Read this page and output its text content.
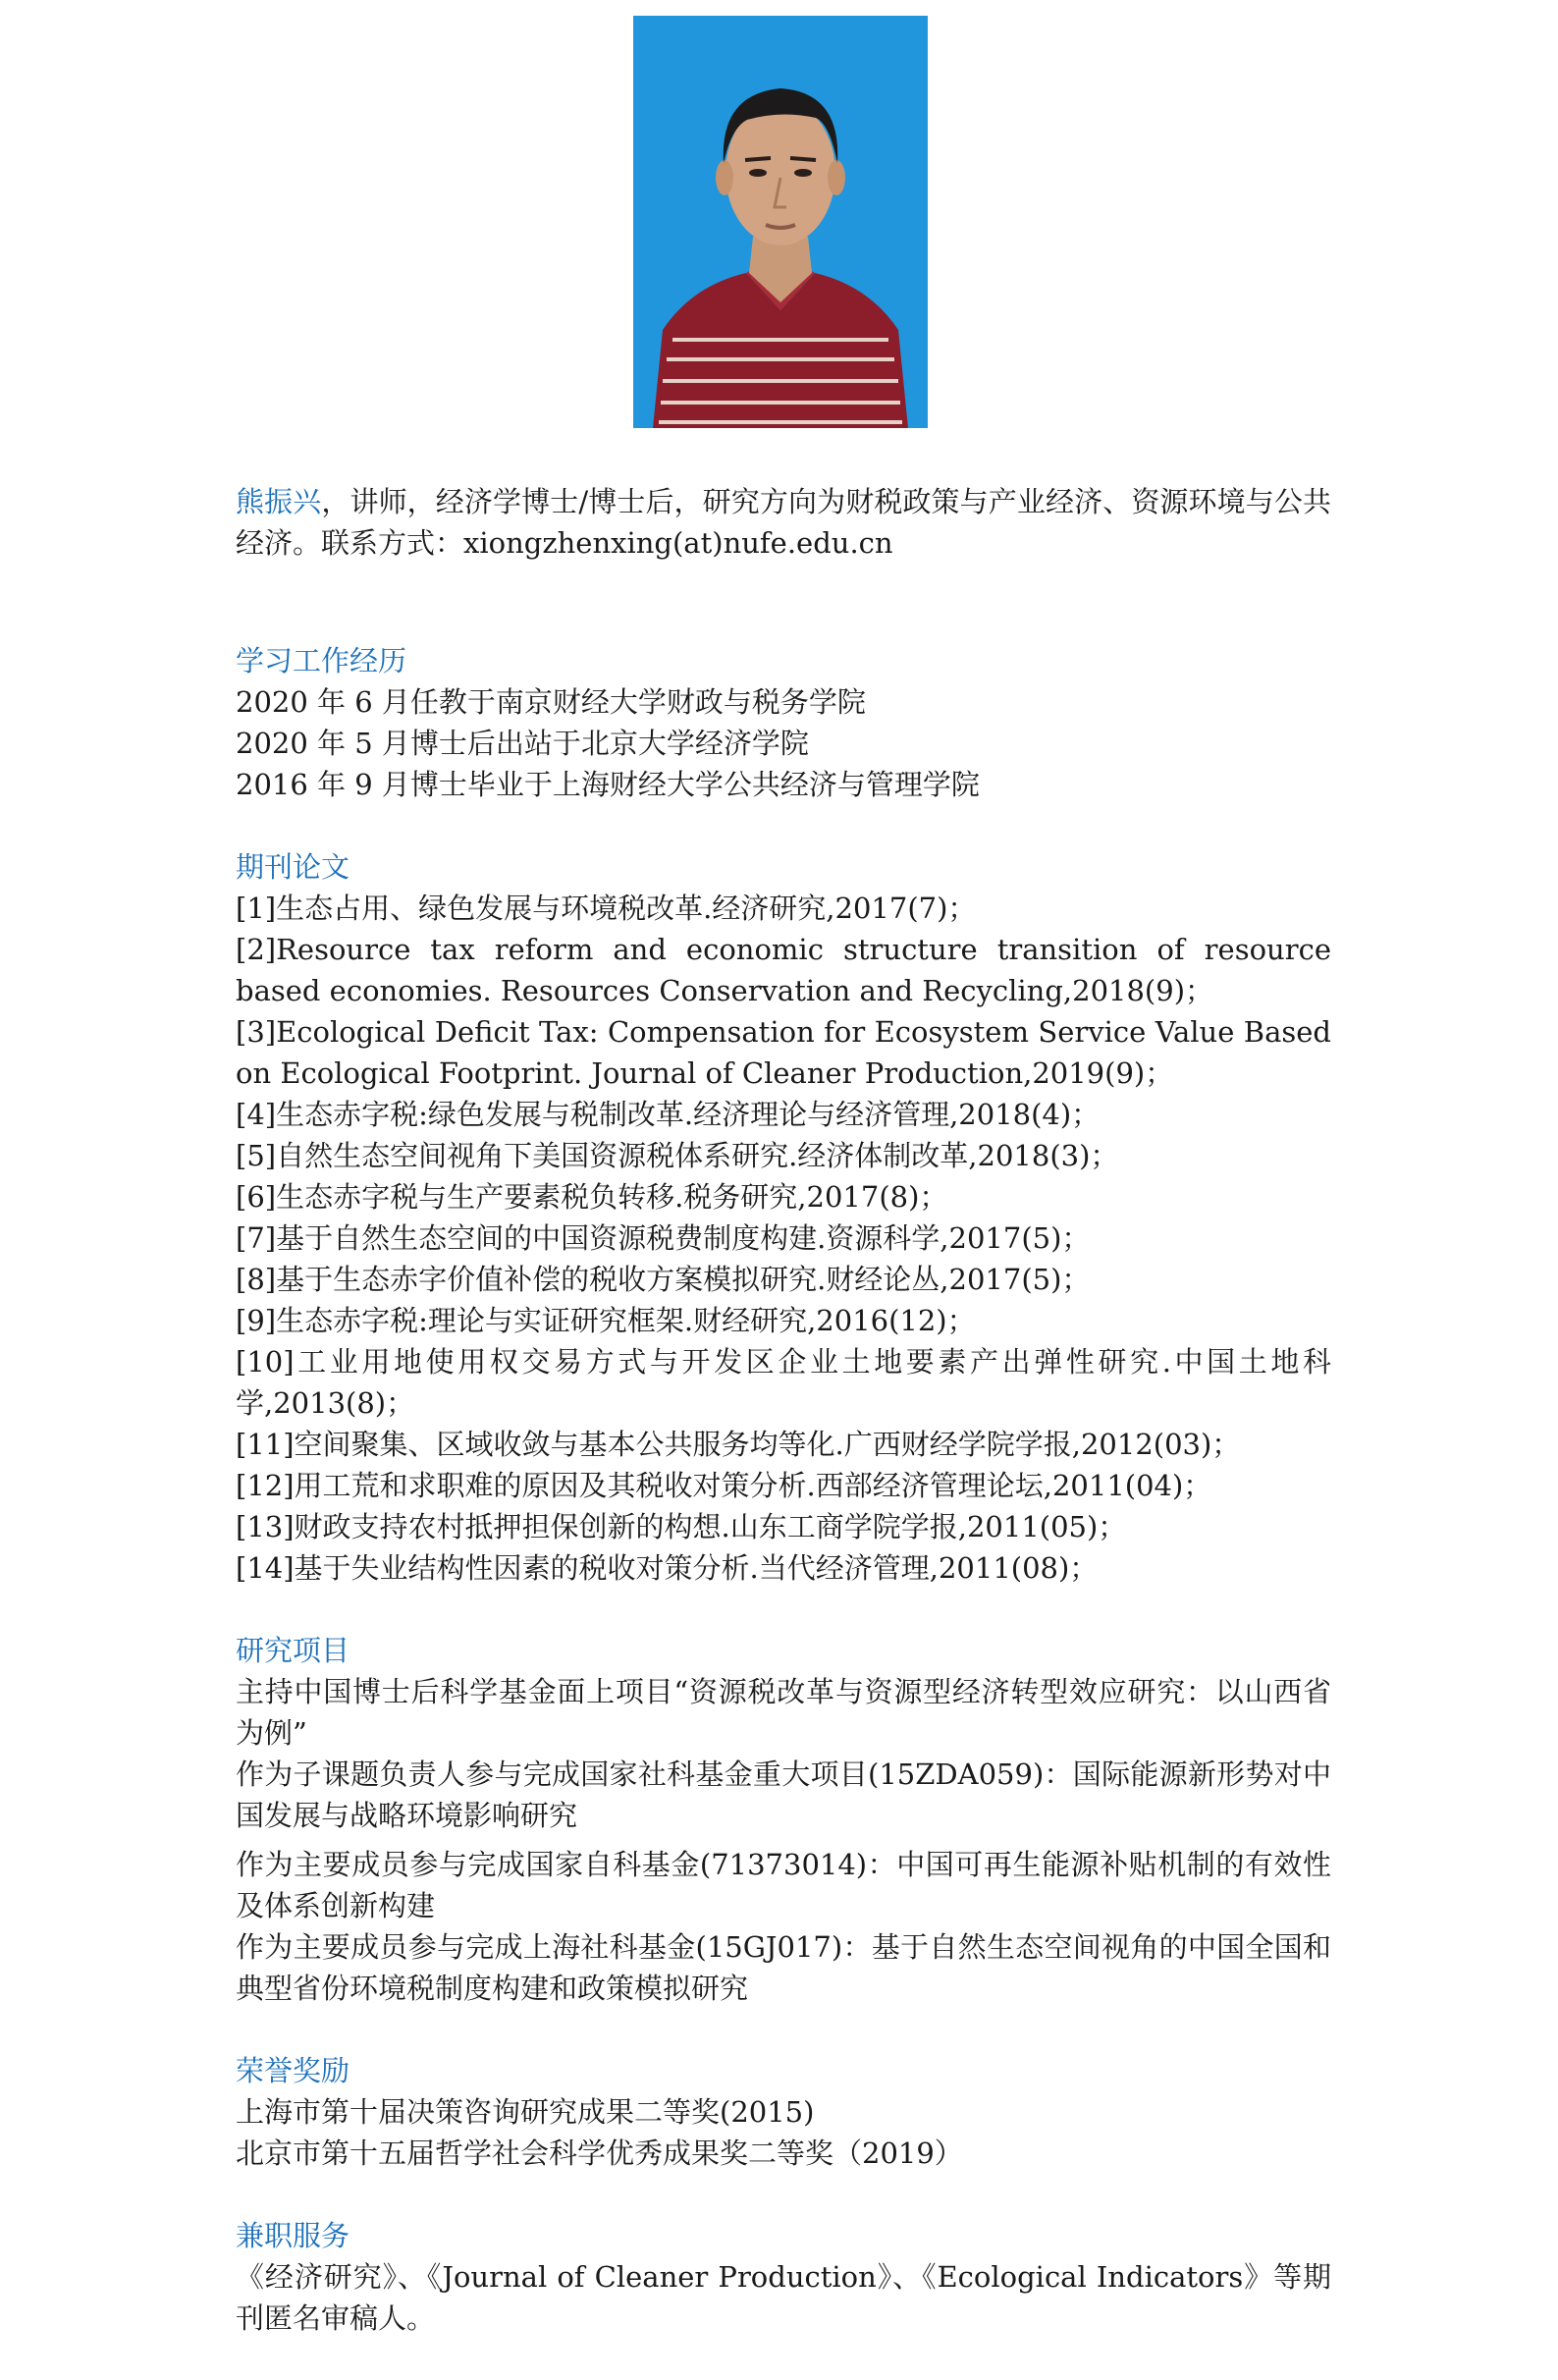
熊振兴，讲师，经济学博士/博士后，研究方向为财税政策与产业经济、资源环境与公共经济。联系方式：xiongzhenxing(at)nufe.edu.cn

学习工作经历

2020 年 6 月任教于南京财经大学财政与税务学院

2020 年 5 月博士后出站于北京大学经济学院

2016 年 9 月博士毕业于上海财经大学公共经济与管理学院

期刊论文

[1]生态占用、绿色发展与环境税改革.经济研究,2017(7)；

[2]Resource tax reform and economic structure transition of resource based economies. Resources Conservation and Recycling,2018(9)；

[3]Ecological Deficit Tax: Compensation for Ecosystem Service Value Based on Ecological Footprint. Journal of Cleaner Production,2019(9)；

[4]生态赤字税:绿色发展与税制改革.经济理论与经济管理,2018(4)；

[5]自然生态空间视角下美国资源税体系研究.经济体制改革,2018(3)；

[6]生态赤字税与生产要素税负转移.税务研究,2017(8)；

[7]基于自然生态空间的中国资源税费制度构建.资源科学,2017(5)；

[8]基于生态赤字价值补偿的税收方案模拟研究.财经论丛,2017(5)；

[9]生态赤字税:理论与实证研究框架.财经研究,2016(12)；

[10]工业用地使用权交易方式与开发区企业土地要素产出弹性研究.中国土地科学,2013(8)；

[11]空间聚集、区域收敛与基本公共服务均等化.广西财经学院学报,2012(03)；

[12]用工荒和求职难的原因及其税收对策分析.西部经济管理论坛,2011(04)；

[13]财政支持农村抵押担保创新的构想.山东工商学院学报,2011(05)；

[14]基于失业结构性因素的税收对策分析.当代经济管理,2011(08)；

研究项目

主持中国博士后科学基金面上项目“资源税改革与资源型经济转型效应研究：以山西省为例”

作为子课题负责人参与完成国家社科基金重大项目(15ZDA059)：国际能源新形势对中国发展与战略环境影响研究

作为主要成员参与完成国家自科基金(71373014)：中国可再生能源补贴机制的有效性及体系创新构建

作为主要成员参与完成上海社科基金(15GJ017)：基于自然生态空间视角的中国全国和典型省份环境税制度构建和政策模拟研究

荣誉奖励

上海市第十届决策咨询研究成果二等奖(2015)

北京市第十五届哲学社会科学优秀成果奖二等奖（2019）

兼职服务

《经济研究》、《Journal of Cleaner Production》、《Ecological Indicators》等期刊匿名审稿人。
